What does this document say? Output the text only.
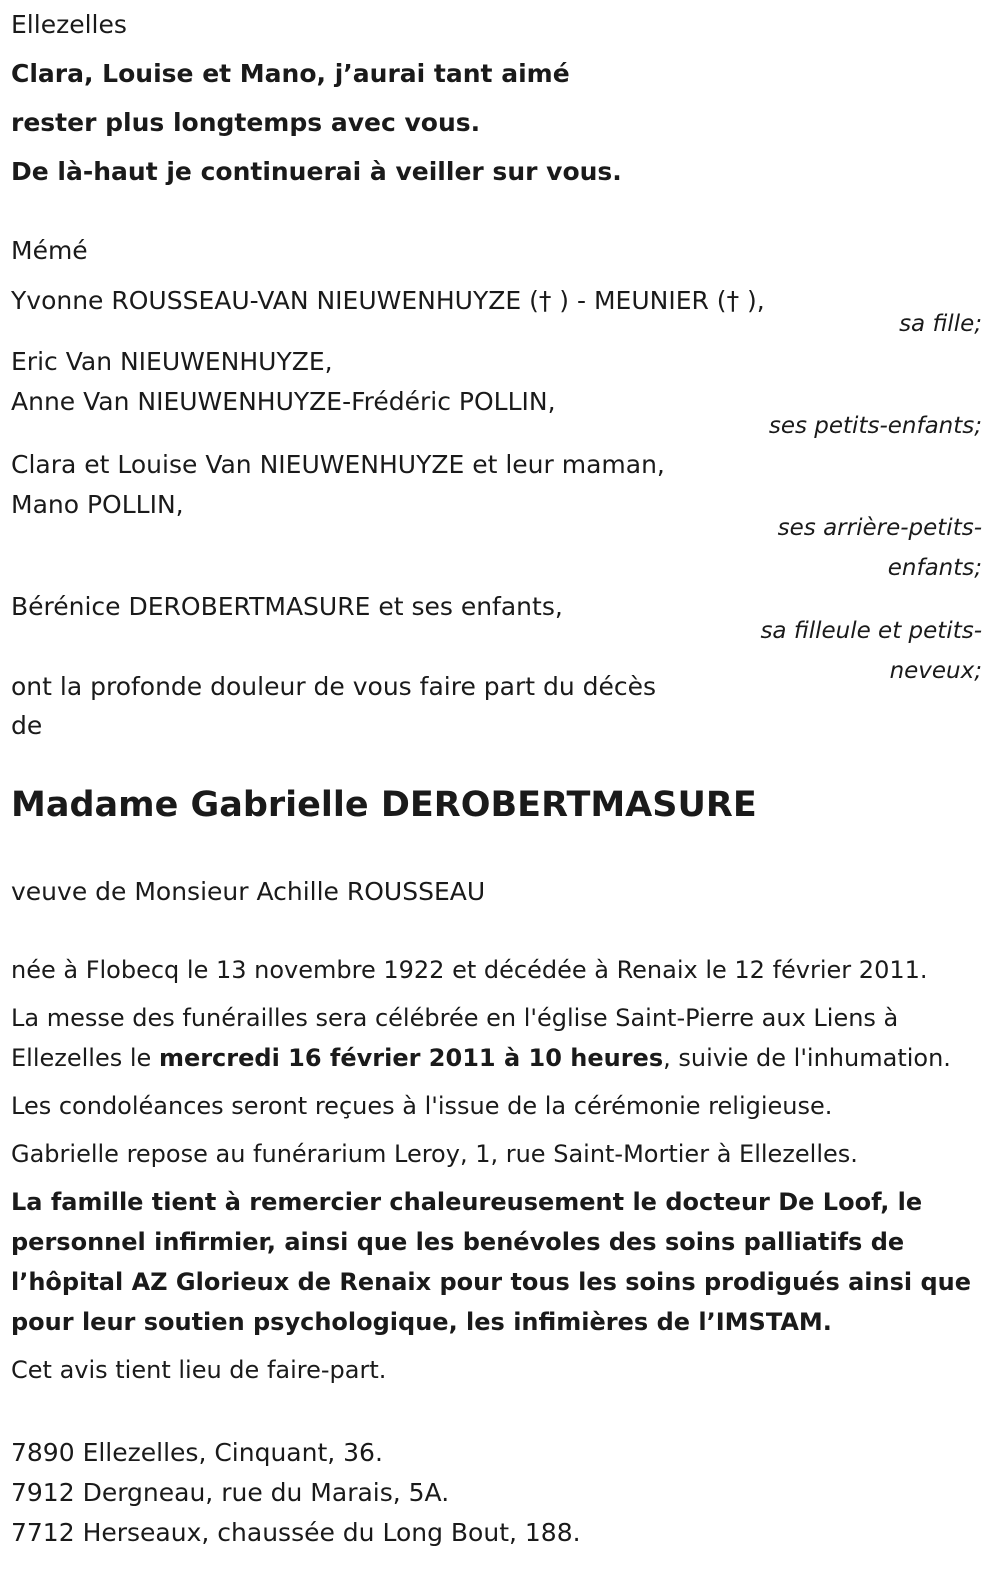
Ellezelles
Clara, Louise et Mano, j’aurai tant aimé
rester plus longtemps avec vous.
De là-haut je continuerai à veiller sur vous.
Mémé
Yvonne ROUSSEAU-VAN NIEUWENHUYZE († ) - MEUNIER († ),
sa fille;
Eric Van NIEUWENHUYZE,
Anne Van NIEUWENHUYZE-Frédéric POLLIN,
ses petits-enfants;
Clara et Louise Van NIEUWENHUYZE et leur maman,
Mano POLLIN,
ses arrière-petits-
enfants;
Bérénice DEROBERTMASURE et ses enfants,
sa filleule et petits-
neveux;
ont la profonde douleur de vous faire part du décès
de
Madame Gabrielle DEROBERTMASURE
veuve de Monsieur Achille ROUSSEAU
née à Flobecq le 13 novembre 1922 et décédée à Renaix le 12 février 2011.
La messe des funérailles sera célébrée en l'église Saint-Pierre aux Liens à
Ellezelles le mercredi 16 février 2011 à 10 heures, suivie de l'inhumation.
Les condoléances seront reçues à l'issue de la cérémonie religieuse.
Gabrielle repose au funérarium Leroy, 1, rue Saint-Mortier à Ellezelles.
La famille tient à remercier chaleureusement le docteur De Loof, le
personnel infirmier, ainsi que les benévoles des soins palliatifs de
l’hôpital AZ Glorieux de Renaix pour tous les soins prodigués ainsi que
pour leur soutien psychologique, les infimières de l’IMSTAM.
Cet avis tient lieu de faire-part.
7890 Ellezelles, Cinquant, 36.
7912 Dergneau, rue du Marais, 5A.
7712 Herseaux, chaussée du Long Bout, 188.
